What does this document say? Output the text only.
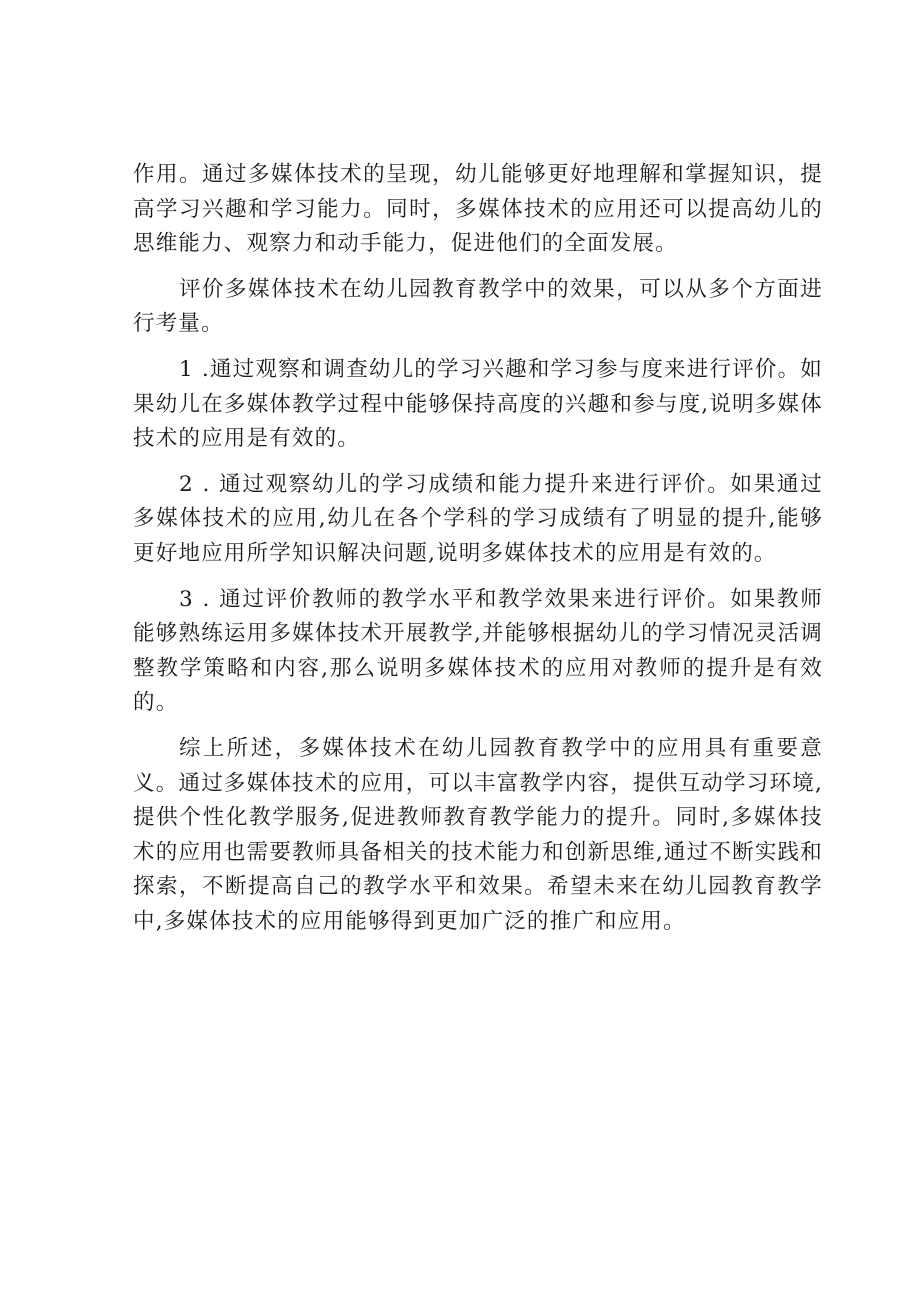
作用。通过多媒体技术的呈现，幼儿能够更好地理解和掌握知识，提高学习兴趣和学习能力。同时，多媒体技术的应用还可以提高幼儿的思维能力、观察力和动手能力，促进他们的全面发展。

评价多媒体技术在幼儿园教育教学中的效果，可以从多个方面进行考量。

1 .通过观察和调查幼儿的学习兴趣和学习参与度来进行评价。如果幼儿在多媒体教学过程中能够保持高度的兴趣和参与度,说明多媒体技术的应用是有效的。

2 . 通过观察幼儿的学习成绩和能力提升来进行评价。如果通过多媒体技术的应用,幼儿在各个学科的学习成绩有了明显的提升,能够更好地应用所学知识解决问题,说明多媒体技术的应用是有效的。

3 . 通过评价教师的教学水平和教学效果来进行评价。如果教师能够熟练运用多媒体技术开展教学,并能够根据幼儿的学习情况灵活调整教学策略和内容,那么说明多媒体技术的应用对教师的提升是有效的。

综上所述，多媒体技术在幼儿园教育教学中的应用具有重要意义。通过多媒体技术的应用，可以丰富教学内容，提供互动学习环境,提供个性化教学服务,促进教师教育教学能力的提升。同时,多媒体技术的应用也需要教师具备相关的技术能力和创新思维,通过不断实践和探索，不断提高自己的教学水平和效果。希望未来在幼儿园教育教学中,多媒体技术的应用能够得到更加广泛的推广和应用。
